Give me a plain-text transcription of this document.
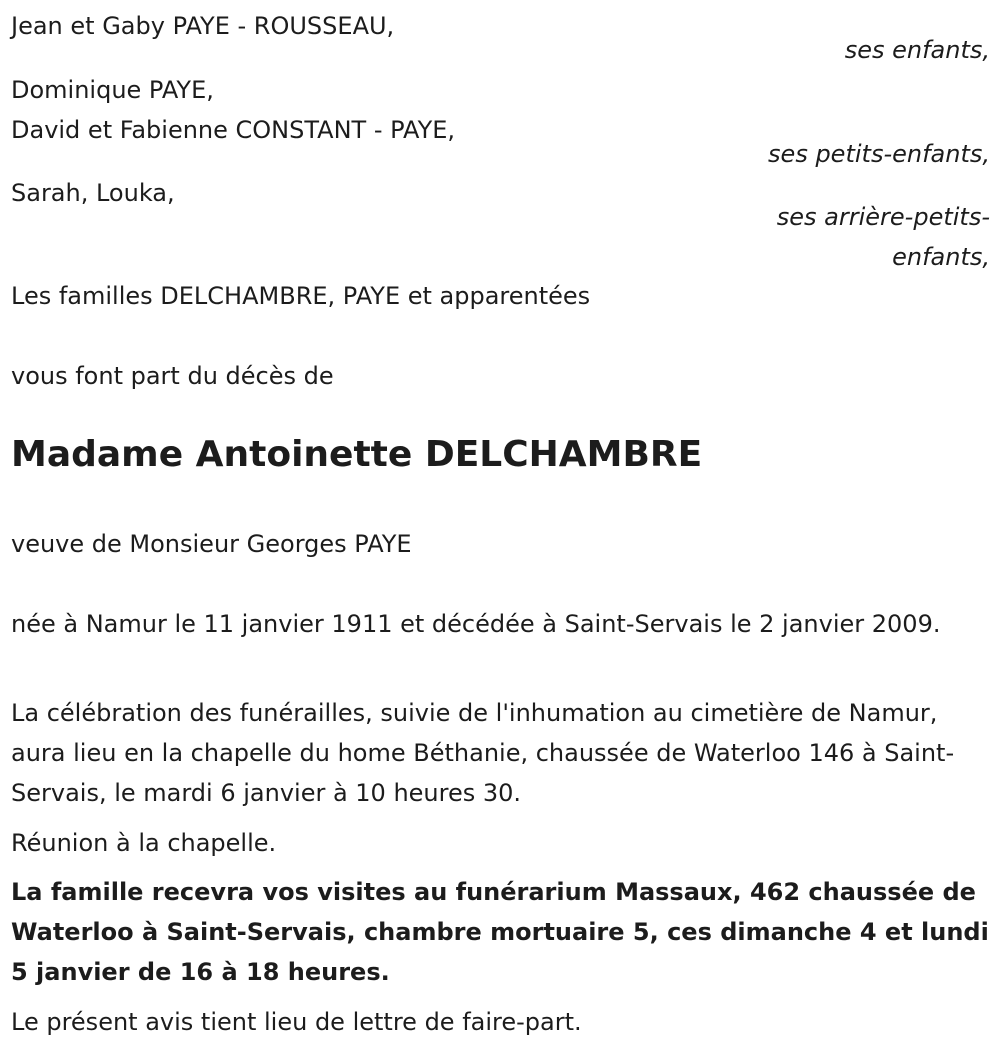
Jean et Gaby PAYE - ROUSSEAU,
ses enfants,
Dominique PAYE,
David et Fabienne CONSTANT - PAYE,
ses petits-enfants,
Sarah, Louka,
ses arrière-petits-
enfants,
Les familles DELCHAMBRE, PAYE et apparentées
vous font part du décès de
Madame Antoinette DELCHAMBRE
veuve de Monsieur Georges PAYE
née à Namur le 11 janvier 1911 et décédée à Saint-Servais le 2 janvier 2009.
La célébration des funérailles, suivie de l'inhumation au cimetière de Namur, aura lieu en la chapelle du home Béthanie, chaussée de Waterloo 146 à Saint-Servais, le mardi 6 janvier à 10 heures 30.
Réunion à la chapelle.
La famille recevra vos visites au funérarium Massaux, 462 chaussée de Waterloo à Saint-Servais, chambre mortuaire 5, ces dimanche 4 et lundi 5 janvier de 16 à 18 heures.
Le présent avis tient lieu de lettre de faire-part.
